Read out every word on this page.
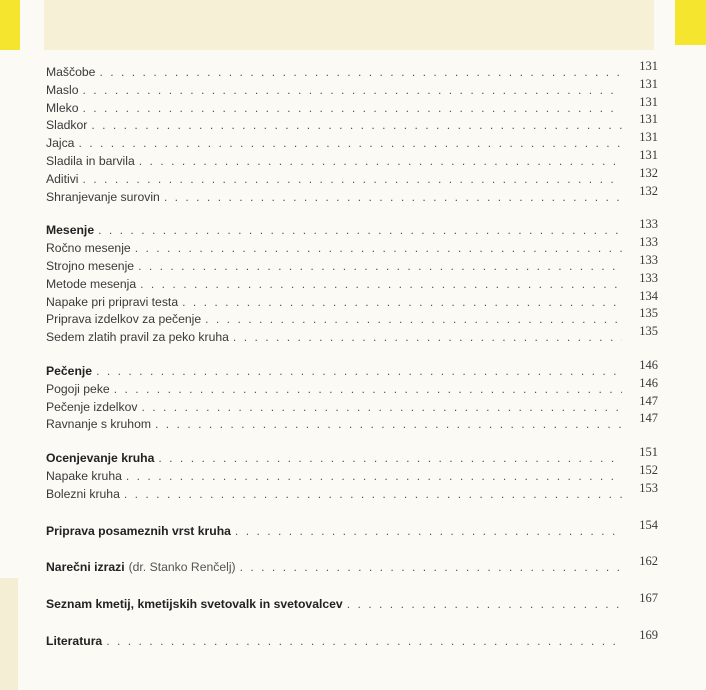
Maščobe . . .	131
Maslo . . .	131
Mleko . . .	131
Sladkor . . .	131
Jajca . . .	131
Sladila in barvila . . .	131
Aditivi . . .	132
Shranjevanje surovin . . .	132
Mesenje . . .	133
Ročno mesenje . . .	133
Strojno mesenje . . .	133
Metode mesenja . . .	133
Napake pri pripravi testa . . .	134
Priprava izdelkov za pečenje . . .	135
Sedem zlatih pravil za peko kruha . . .	135
Pečenje . . .	146
Pogoji peke . . .	146
Pečenje izdelkov . . .	147
Ravnanje s kruhom . . .	147
Ocenjevanje kruha . . .	151
Napake kruha . . .	152
Bolezni kruha . . .	153
Priprava posameznih vrst kruha . . .	154
Narečni izrazi (dr. Stanko Renčelj) . . .	162
Seznam kmetij, kmetijskih svetovalk in svetovalcev . . .	167
Literatura . . .	169
